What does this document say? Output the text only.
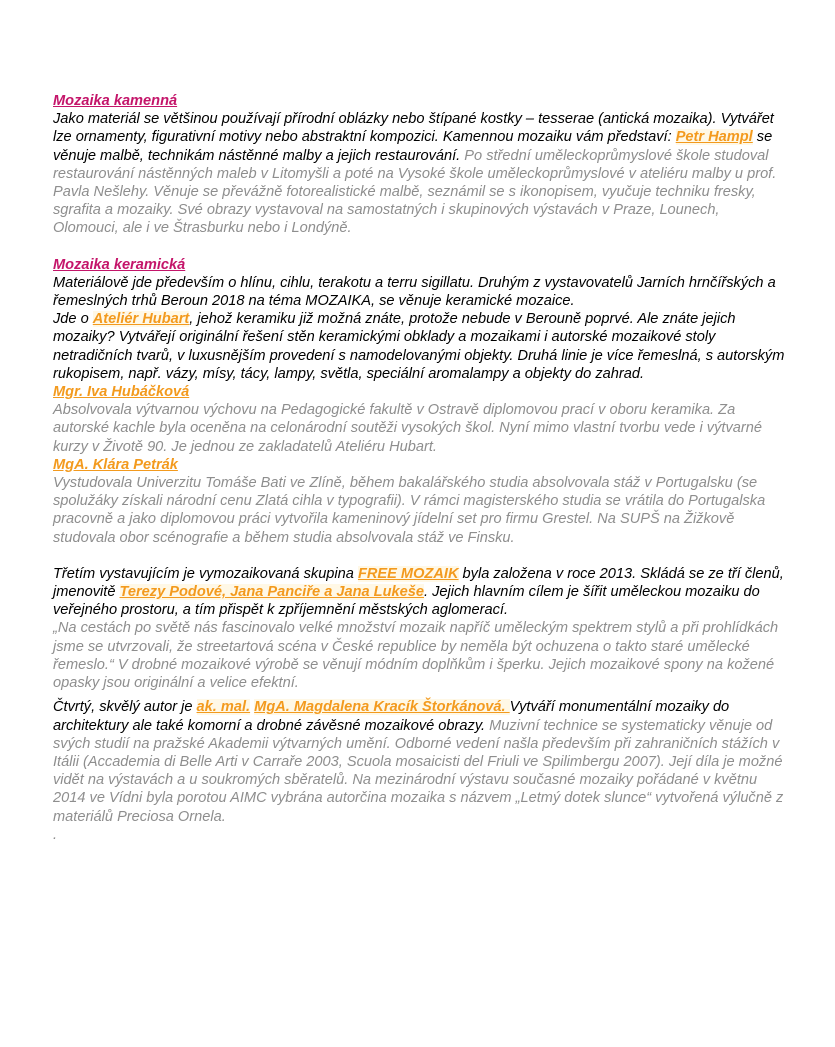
Mozaika kamenná

Jako materiál se většinou používají přírodní oblázky nebo štípané kostky – tesserae (antická mozaika). Vytvářet lze ornamenty, figurativní motivy nebo abstraktní kompozici. Kamennou mozaiku vám představí: Petr Hampl se věnuje malbě, technikám nástěnné malby a jejich restaurování. Po střední uměleckoprůmyslové škole studoval restaurování nástěnných maleb v Litomyšli a poté na Vysoké škole uměleckoprůmyslové v ateliéru malby u prof. Pavla Nešlehy. Věnuje se převážně fotorealistické malbě, seznámil se s ikonopisem, vyučuje techniku fresky, sgrafita a mozaiky. Své obrazy vystavoval na samostatných i skupinových výstavách v Praze, Lounech, Olomouci, ale i ve Štrasburku nebo i Londýně.

Mozaika keramická

Materiálově jde především o hlínu, cihlu, terakotu a terru sigillatu. Druhým z vystavovatelů Jarních hrnčířských a řemeslných trhů Beroun 2018 na téma MOZAIKA, se věnuje keramické mozaice.

Jde o Ateliér Hubart, jehož keramiku již možná znáte, protože nebude v Berouně poprvé. Ale znáte jejich mozaiky? Vytvářejí originální řešení stěn keramickými obklady a mozaikami i autorské mozaikové stoly netradičních tvarů, v luxusnějším provedení s namodelovanými objekty. Druhá linie je více řemeslná, s autorským rukopisem, např. vázy, mísy, tácy, lampy, světla, speciální aromalampy a objekty do zahrad.

Mgr. Iva Hubáčková

Absolvovala výtvarnou výchovu na Pedagogické fakultě v Ostravě diplomovou prací v oboru keramika. Za autorské kachle byla oceněna na celonárodní soutěži vysokých škol. Nyní mimo vlastní tvorbu vede i výtvarné kurzy v Životě 90. Je jednou ze zakladatelů Ateliéru Hubart.

MgA. Klára Petrák

Vystudovala Univerzitu Tomáše Bati ve Zlíně, během bakalářského studia absolvovala stáž v Portugalsku (se spolužáky získali národní cenu Zlatá cihla v typografii). V rámci magisterského studia se vrátila do Portugalska pracovně a jako diplomovou práci vytvořila kameninový jídelní set pro firmu Grestel. Na SUPŠ na Žižkově studovala obor scénografie a během studia absolvovala stáž ve Finsku.

Třetím vystavujícím je vymozaikovaná skupina FREE MOZAIK byla založena v roce 2013. Skládá se ze tří členů, jmenovitě Terezy Podové, Jana Panciře a Jana Lukeše. Jejich hlavním cílem je šířit uměleckou mozaiku do veřejného prostoru, a tím přispět k zpříjemnění městských aglomerací.

„Na cestách po světě nás fascinovalo velké množství mozaik napříč uměleckým spektrem stylů a při prohlídkách jsme se utvrzovali, že streetartová scéna v České republice by neměla být ochuzena o takto staré umělecké řemeslo.“ V drobné mozaikové výrobě se věnují módním doplňkům i šperku. Jejich mozaikové spony na kožené opasky jsou originální a velice efektní.

Čtvrtý, skvělý autor je ak. mal. MgA. Magdalena Kracík Štorkánová. Vytváří monumentální mozaiky do architektury ale také komorní a drobné závěsné mozaikové obrazy. Muzivní technice se systematicky věnuje od svých studií na pražské Akademii výtvarných umění. Odborné vedení našla především při zahraničních stážích v Itálii (Accademia di Belle Arti v Carraře 2003, Scuola mosaicisti del Friuli ve Spilimbergu 2007). Její díla je možné vidět na výstavách a u soukromých sběratelů. Na mezinárodní výstavu současné mozaiky pořádané v květnu 2014 ve Vídni byla porotou AIMC vybrána autorčina mozaika s názvem „Letmý dotek slunce“ vytvořená výlučně z materiálů Preciosa Ornela.

.
